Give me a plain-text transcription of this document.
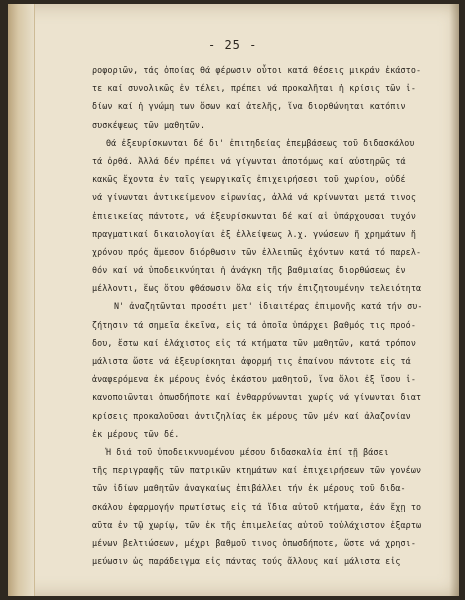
- 25 -
ροφοριῶν, τάς ὁποίας θά φέρωσιν οὗτοι κατά θέσεις μικράν ἐκάστο-
τε καί συνολικῶς ἐν τέλει, πρέπει νά προκαλῆται ἡ κρίσις τῶν ἰ-
δίων καί ἡ γνώμη των ὅσων καί ἀτελῆς, ἵνα διορθώνηται κατόπιν
συσκέψεως τῶν μαθητῶν.
Θά ἐξευρίσκωνται δέ δι' ἐπιτηδείας ἐπεμβάσεως τοῦ διδασκάλου
τά ὀρθά. Ἀλλά δέν πρέπει νά γίγωνται ἀποτόμως καί αὐστηρῶς τά
κακῶς ἔχοντα ἐν ταῖς γεωργικαῖς ἐπιχειρήσεσι τοῦ χωρίου, οὐδέ
νά γίνωνται ἀντικείμενον εἰρωνίας, ἀλλά νά κρίνωνται μετά τινος
ἐπιεικείας πάντοτε, νά ἐξευρίσκωνται δέ καί αἱ ὑπάρχουσαι τυχόν
πραγματικαί δικαιολογίαι ἐξ ἐλλείψεως λ.χ. γνώσεων ἤ χρημάτων ἤ
χρόνου πρός ἄμεσον διόρθωσιν τῶν ἐλλειπῶς ἐχόντων κατά τό παρελ-
θόν καί νά ὑποδεικνύηται ἡ ἀνάγκη τῆς βαθμιαίας διορθώσεως ἐν
μέλλοντι, ἕως ὅτου φθάσωσιν ὅλα εἰς τήν ἐπιζητουμένην τελειότητα
Ν' ἀναζητῶνται προσέτι μετ' ἰδιαιτέρας ἐπιμονῆς κατά τήν συ-
ζήτησιν τά σημεῖα ἐκεῖνα, εἰς τά ὁποῖα ὑπάρχει βαθμός τις προό-
δου, ἔστω καί ἐλάχιστος εἰς τά κτήματα τῶν μαθητῶν, κατά τρόπον
μάλιστα ὥστε νά ἐξευρίσκηται ἀφορμή τις ἐπαίνου πάντοτε εἰς τά
ἀναφερόμενα ἐκ μέρους ἑνός ἑκάστου μαθητοῦ, ἵνα ὅλοι ἐξ ἴσου ἰ-
κανοποιῶνται ὁπωσδήποτε καί ἐνθαρρύνωνται χωρίς νά γίνωνται διατ
κρίσεις προκαλοῦσαι ἀντιζηλίας ἐκ μέρους τῶν μέν καί ἀλαζονίαν
ἐκ μέρους τῶν δέ.
Ἡ διά τοῦ ὑποδεικνυομένου μέσου διδασκαλία ἐπί τῇ βάσει
τῆς περιγραφῆς τῶν πατρικῶν κτημάτων καί ἐπιχειρήσεων τῶν γονέων
τῶν ἰδίων μαθητῶν ἀναγκαίως ἐπιβάλλει τήν ἐκ μέρους τοῦ διδα-
σκάλου ἐφαρμογήν πρωτίστως εἰς τά ἴδια αὐτοῦ κτήματα, ἐάν ἔχῃ το
αῦτα ἐν τῷ χωρίῳ, τῶν ἐκ τῆς ἐπιμελείας αὐτοῦ τοὐλάχιστον ἐξαρτω
μένων βελτιώσεων, μέχρι βαθμοῦ τινος ὁπωσδήποτε, ὥστε νά χρησι-
μεύωσιν ὡς παράδειγμα εἰς πάντας τούς ἄλλους καί μάλιστα εἰς
